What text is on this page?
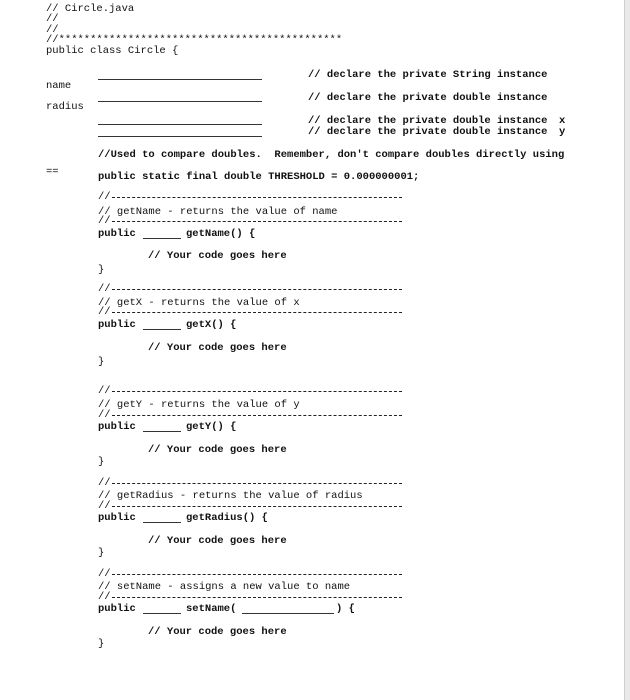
// Circle.java
//
//
//*********************************************
public class Circle {
name
radius
==
// declare the private String instance
// declare the private double instance
// declare the private double instance x
// declare the private double instance y
//Used to compare doubles.  Remember, don't compare doubles directly using
public static final double THRESHOLD = 0.000000001;
//
// getName - returns the value of name
//
public	getName() {
// Your code goes here
}
//
// getX - returns the value of x
//
public	getX() {
// Your code goes here
}
//
// getY - returns the value of y
//
public	getY() {
// Your code goes here
}
//
// getRadius - returns the value of radius
//
public	getRadius() {
// Your code goes here
}
//
// setName - assigns a new value to name
//
public	setName(	) {
// Your code goes here
}
